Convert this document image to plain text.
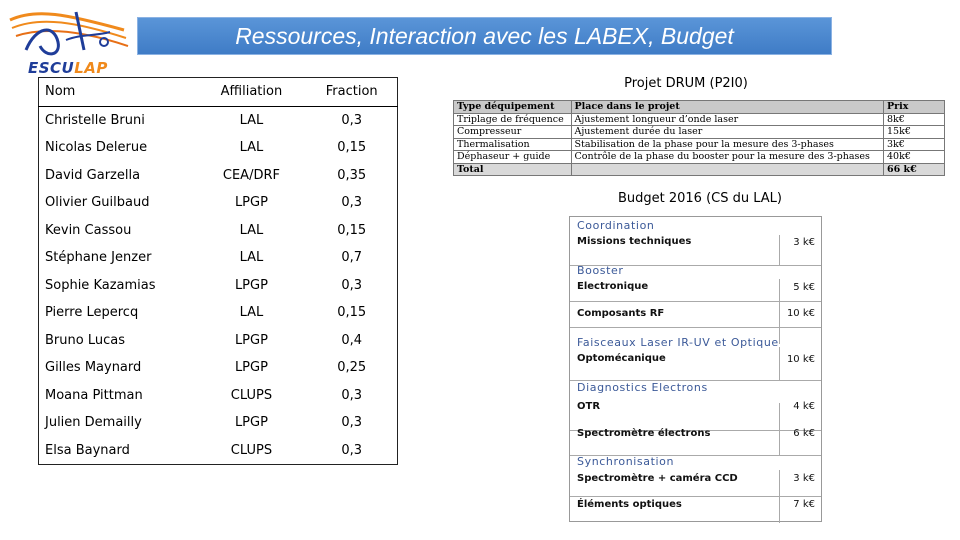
ESCULAP
Ressources, Interaction avec les LABEX, Budget
Nom	Affiliation	Fraction
Christelle Bruni	LAL	0,3
Nicolas Delerue	LAL	0,15
David Garzella	CEA/DRF	0,35
Olivier Guilbaud	LPGP	0,3
Kevin Cassou	LAL	0,15
Stéphane Jenzer	LAL	0,7
Sophie Kazamias	LPGP	0,3
Pierre Lepercq	LAL	0,15
Bruno Lucas	LPGP	0,4
Gilles Maynard	LPGP	0,25
Moana Pittman	CLUPS	0,3
Julien Demailly	LPGP	0,3
Elsa Baynard	CLUPS	0,3
Projet DRUM (P2I0)
Type déquipement	Place dans le projet	Prix
Triplage de fréquence	Ajustement longueur d’onde laser	8k€
Compresseur	Ajustement durée du laser	15k€
Thermalisation	Stabilisation de la phase pour la mesure des 3-phases	3k€
Déphaseur + guide	Contrôle de la phase du booster pour la mesure des 3-phases	40k€
Total		66 k€
Budget 2016 (CS du LAL)
Coordination
Missions techniques	3 k€
Booster
Electronique	5 k€
Composants RF	10 k€
Faisceaux Laser IR-UV et Optique
Optomécanique	10 k€
Diagnostics Electrons
OTR	4 k€
Spectromètre électrons	6 k€
Synchronisation
Spectromètre + caméra CCD	3 k€
Éléments optiques	7 k€
